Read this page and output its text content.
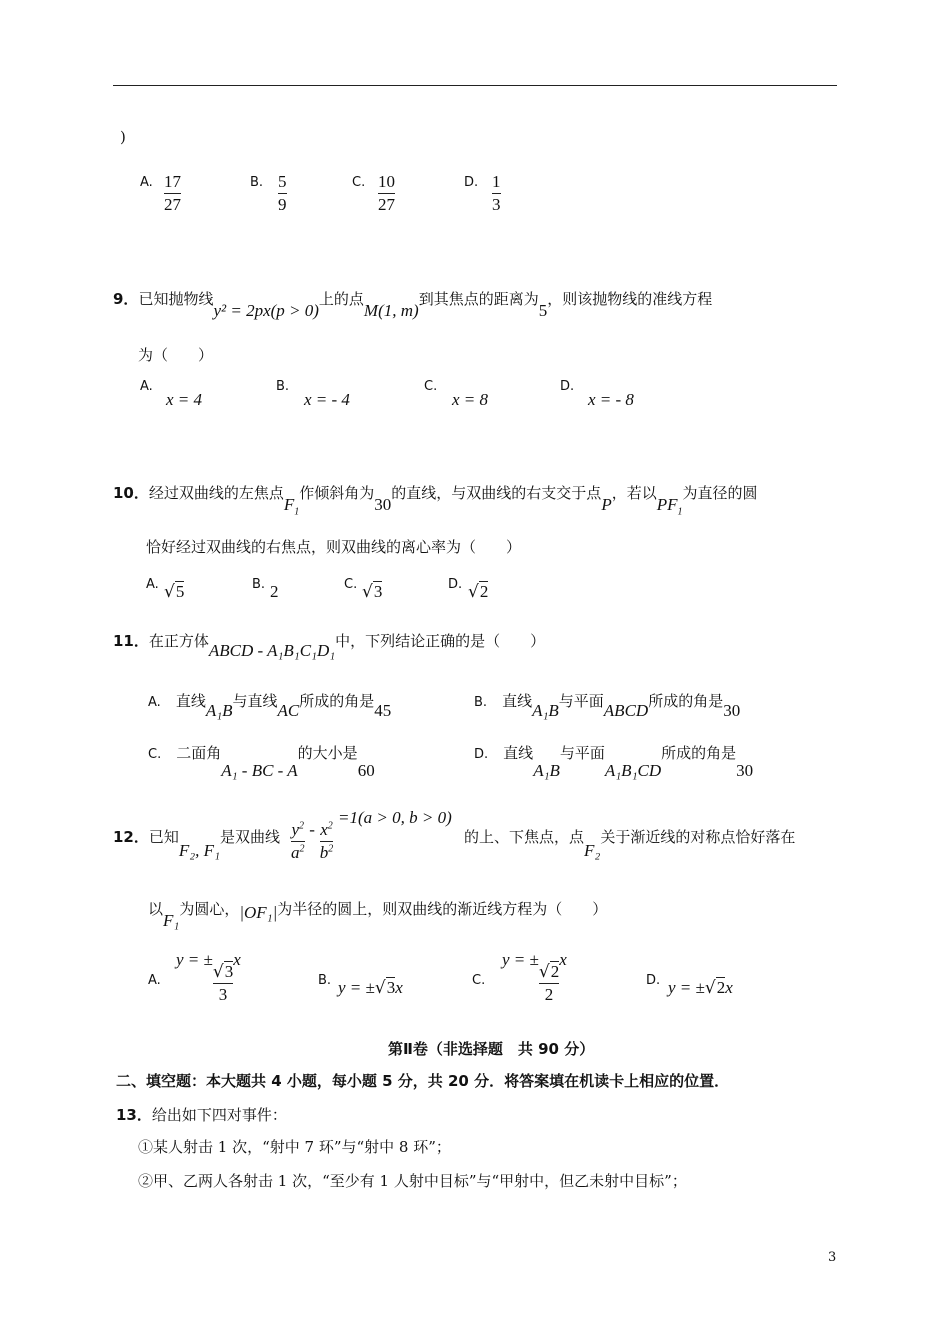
)
A. $\frac{17}{27}$	B. $\frac{5}{9}$	C. $\frac{10}{27}$	D. $\frac{1}{3}$
9．已知抛物线y² = 2px(p > 0)上的点M(1, m)到其焦点的距离为5，则该抛物线的准线方程
为（　　）
A.
x = 4
B.
x = - 4
C.
x = 8
D.
x = - 8
10．经过双曲线的左焦点$F_1$作倾斜角为30的直线，与双曲线的右支交于点P，若以$PF_1$为直径的圆
恰好经过双曲线的右焦点，则双曲线的离心率为（　　）
A. √5	B. 2	C. √3	D. √2
11．在正方体ABCD - A₁B₁C₁D₁中，下列结论正确的是（　　）
A.　 直线A₁B与直线AC所成的角是45	B.　 直线A₁B与平面ABCD所成的角是30
C.　 二面角A₁ - BC - A的大小是60
D.　 直线A₁B与平面A₁B₁CD所成的角是30
12．已知F₂, F₁是双曲线	的上、下焦点，点F₂关于渐近线的对称点恰好落在
$\frac{y^2}{a^2} - \frac{x^2}{b^2}$
=1(a > 0, b > 0)
以F₁为圆心，|OF₁|为半径的圆上，则双曲线的渐近线方程为（　　）
A.
y = ±
$\frac{√3}{3}$
x
B. y = ±√3x	C.
y = ±
$\frac{√2}{2}$
x
D. y = ±√2x
第Ⅱ卷（非选择题　共 90 分）
二、填空题：本大题共 4 小题，每小题 5 分，共 20 分．将答案填在机读卡上相应的位置．
13．给出如下四对事件：
①某人射击 1 次，“射中 7 环”与“射中 8 环”；
②甲、乙两人各射击 1 次，“至少有 1 人射中目标”与“甲射中，但乙未射中目标”；
3
